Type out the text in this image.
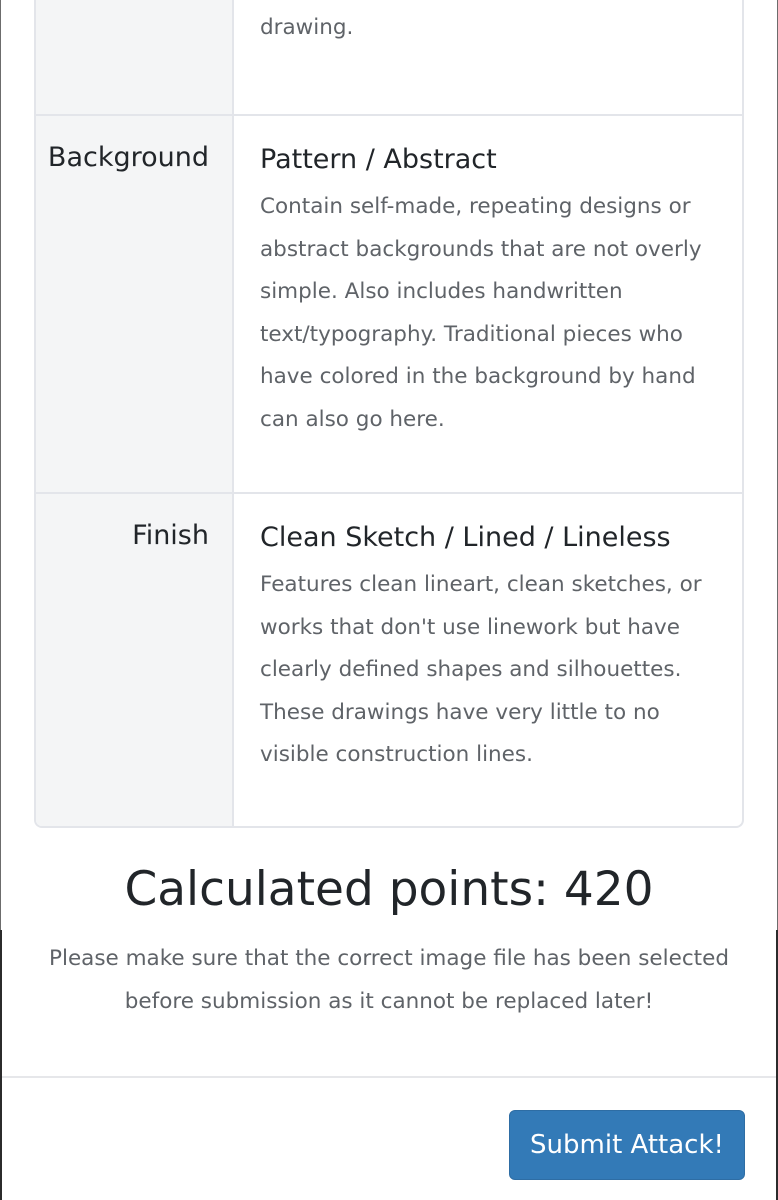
drawing.
Background	Pattern / Abstract
Contain self-made, repeating designs or abstract backgrounds that are not overly simple. Also includes handwritten text/typography. Traditional pieces who have colored in the background by hand can also go here.
Finish	Clean Sketch / Lined / Lineless
Features clean lineart, clean sketches, or works that don't use linework but have clearly defined shapes and silhouettes. These drawings have very little to no visible construction lines.
Calculated points: 420
Please make sure that the correct image file has been selected before submission as it cannot be replaced later!
Submit Attack!
